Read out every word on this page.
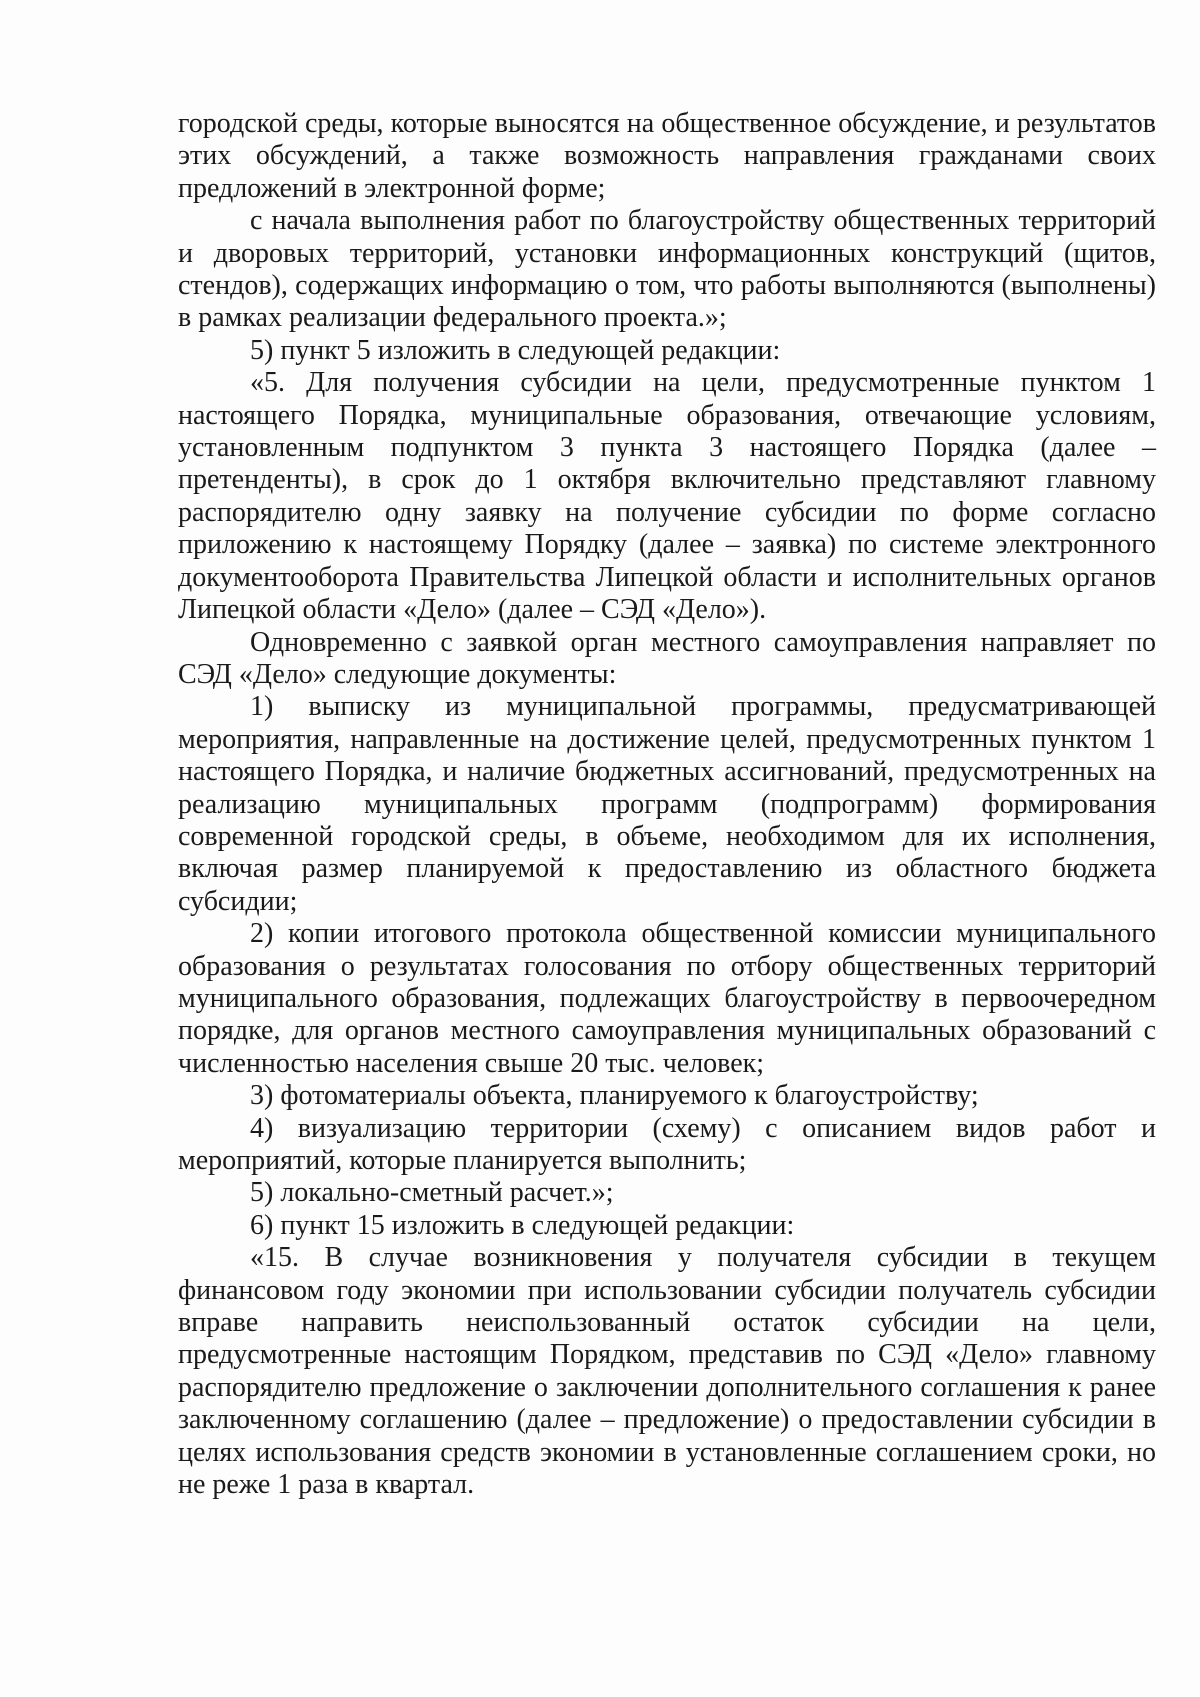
городской среды, которые выносятся на общественное обсуждение, и результатов этих обсуждений, а также возможность направления гражданами своих предложений в электронной форме;

с начала выполнения работ по благоустройству общественных территорий и дворовых территорий, установки информационных конструкций (щитов, стендов), содержащих информацию о том, что работы выполняются (выполнены) в рамках реализации федерального проекта.»;

5) пункт 5 изложить в следующей редакции:

«5. Для получения субсидии на цели, предусмотренные пунктом 1 настоящего Порядка, муниципальные образования, отвечающие условиям, установленным подпунктом 3 пункта 3 настоящего Порядка (далее – претенденты), в срок до 1 октября включительно представляют главному распорядителю одну заявку на получение субсидии по форме согласно приложению к настоящему Порядку (далее – заявка) по системе электронного документооборота Правительства Липецкой области и исполнительных органов Липецкой области «Дело» (далее – СЭД «Дело»).

Одновременно с заявкой орган местного самоуправления направляет по СЭД «Дело» следующие документы:

1) выписку из муниципальной программы, предусматривающей мероприятия, направленные на достижение целей, предусмотренных пунктом 1 настоящего Порядка, и наличие бюджетных ассигнований, предусмотренных на реализацию муниципальных программ (подпрограмм) формирования современной городской среды, в объеме, необходимом для их исполнения, включая размер планируемой к предоставлению из областного бюджета субсидии;

2) копии итогового протокола общественной комиссии муниципального образования о результатах голосования по отбору общественных территорий муниципального образования, подлежащих благоустройству в первоочередном порядке, для органов местного самоуправления муниципальных образований с численностью населения свыше 20 тыс. человек;

3) фотоматериалы объекта, планируемого к благоустройству;

4) визуализацию территории (схему) с описанием видов работ и мероприятий, которые планируется выполнить;

5) локально-сметный расчет.»;

6) пункт 15 изложить в следующей редакции:

«15. В случае возникновения у получателя субсидии в текущем финансовом году экономии при использовании субсидии получатель субсидии вправе направить неиспользованный остаток субсидии на цели, предусмотренные настоящим Порядком, представив по СЭД «Дело» главному распорядителю предложение о заключении дополнительного соглашения к ранее заключенному соглашению (далее – предложение) о предоставлении субсидии в целях использования средств экономии в установленные соглашением сроки, но не реже 1 раза в квартал.
